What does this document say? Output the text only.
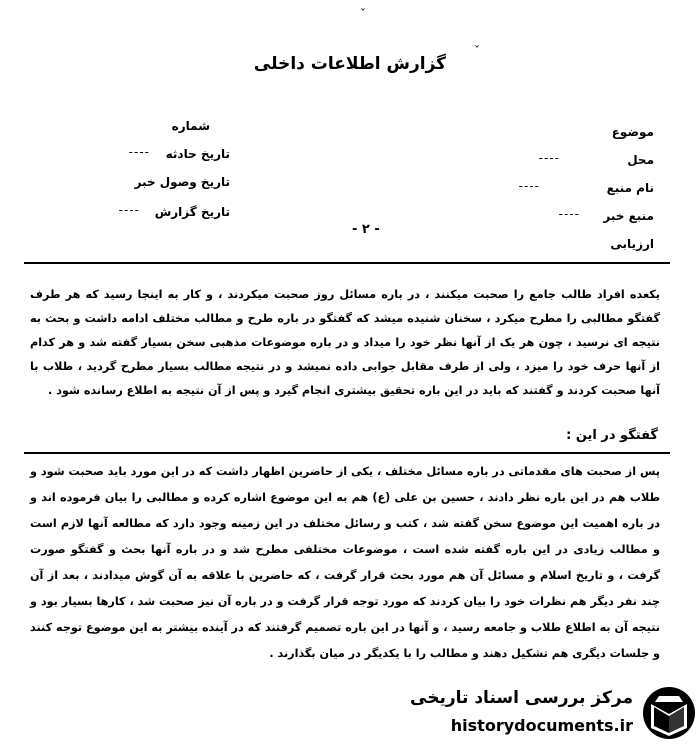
ˇ
ˇ
گزارش اطلاعات داخلی
موضوع
محل
----
نام منبع
----
منبع خبر
----
ارزیابی
شماره
تاریخ حادثه
----
تاریخ وصول خبر
تاریخ گزارش
----
- ۲ -
یکعده افراد طالب جامع را صحبت میکنند ، در باره مسائل روز صحبت میکردند ، و کار به اینجا رسید که هر طرف گفتگو مطالبی را مطرح میکرد ، سخنان شنیده میشد که گفتگو در باره طرح و مطالب مختلف ادامه داشت و بحث به نتیجه ای نرسید ، چون هر یک از آنها نظر خود را میداد و در باره موضوعات مذهبی سخن بسیار گفته شد و هر کدام از آنها حرف خود را میزد ، ولی از طرف مقابل جوابی داده نمیشد و در نتیجه مطالب بسیار مطرح گردید ، طلاب با آنها صحبت کردند و گفتند که باید در این باره تحقیق بیشتری انجام گیرد و پس از آن نتیجه به اطلاع رسانده شود .
گفتگو در این :
پس از صحبت های مقدماتی در باره مسائل مختلف ، یکی از حاضرین اظهار داشت که در این مورد باید صحبت شود و طلاب هم در این باره نظر دادند ، حسین بن علی (ع) هم به این موضوع اشاره کرده و مطالبی را بیان فرموده اند و در باره اهمیت این موضوع سخن گفته شد ، کتب و رسائل مختلف در این زمینه وجود دارد که مطالعه آنها لازم است و مطالب زیادی در این باره گفته شده است ، موضوعات مختلفی مطرح شد و در باره آنها بحث و گفتگو صورت گرفت ، و تاریخ اسلام و مسائل آن هم مورد بحث قرار گرفت ، که حاضرین با علاقه به آن گوش میدادند ، بعد از آن چند نفر دیگر هم نظرات خود را بیان کردند که مورد توجه قرار گرفت و در باره آن نیز صحبت شد ، کارها بسیار بود و نتیجه آن به اطلاع طلاب و جامعه رسید ، و آنها در این باره تصمیم گرفتند که در آینده بیشتر به این موضوع توجه کنند و جلسات دیگری هم تشکیل دهند و مطالب را با یکدیگر در میان بگذارند .
مرکز بررسی اسناد تاریخی
historydocuments.ir
